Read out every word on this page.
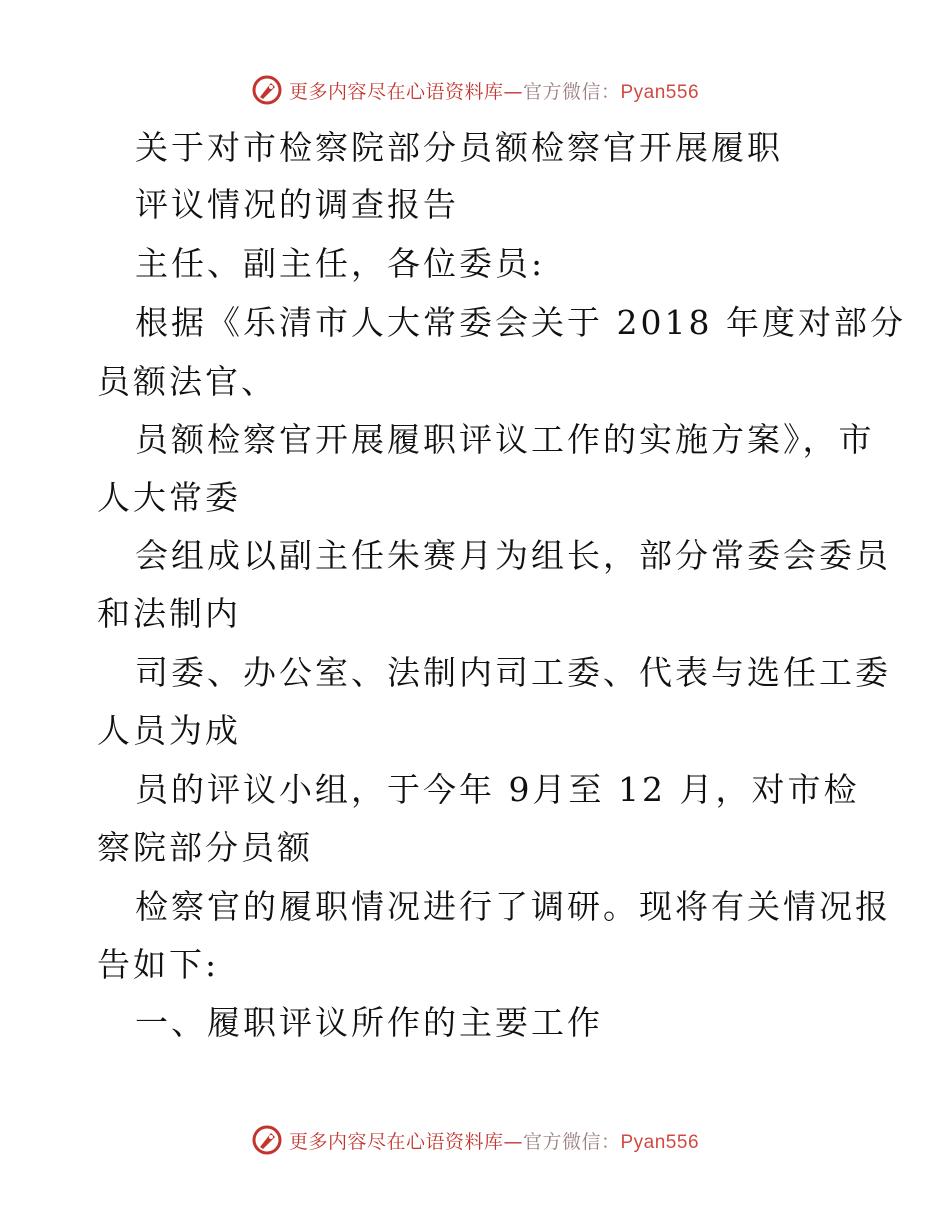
更多内容尽在心语资料库—官方微信：Pyan556
关于对市检察院部分员额检察官开展履职
评议情况的调查报告
主任、副主任，各位委员:
根据《乐清市人大常委会关于 2018 年度对部分
员额法官、
员额检察官开展履职评议工作的实施方案》，市
人大常委
会组成以副主任朱赛月为组长，部分常委会委员
和法制内
司委、办公室、法制内司工委、代表与选任工委
人员为成
员的评议小组，于今年 9月至 12 月，对市检
察院部分员额
检察官的履职情况进行了调研。现将有关情况报
告如下:
一、履职评议所作的主要工作
更多内容尽在心语资料库—官方微信：Pyan556
